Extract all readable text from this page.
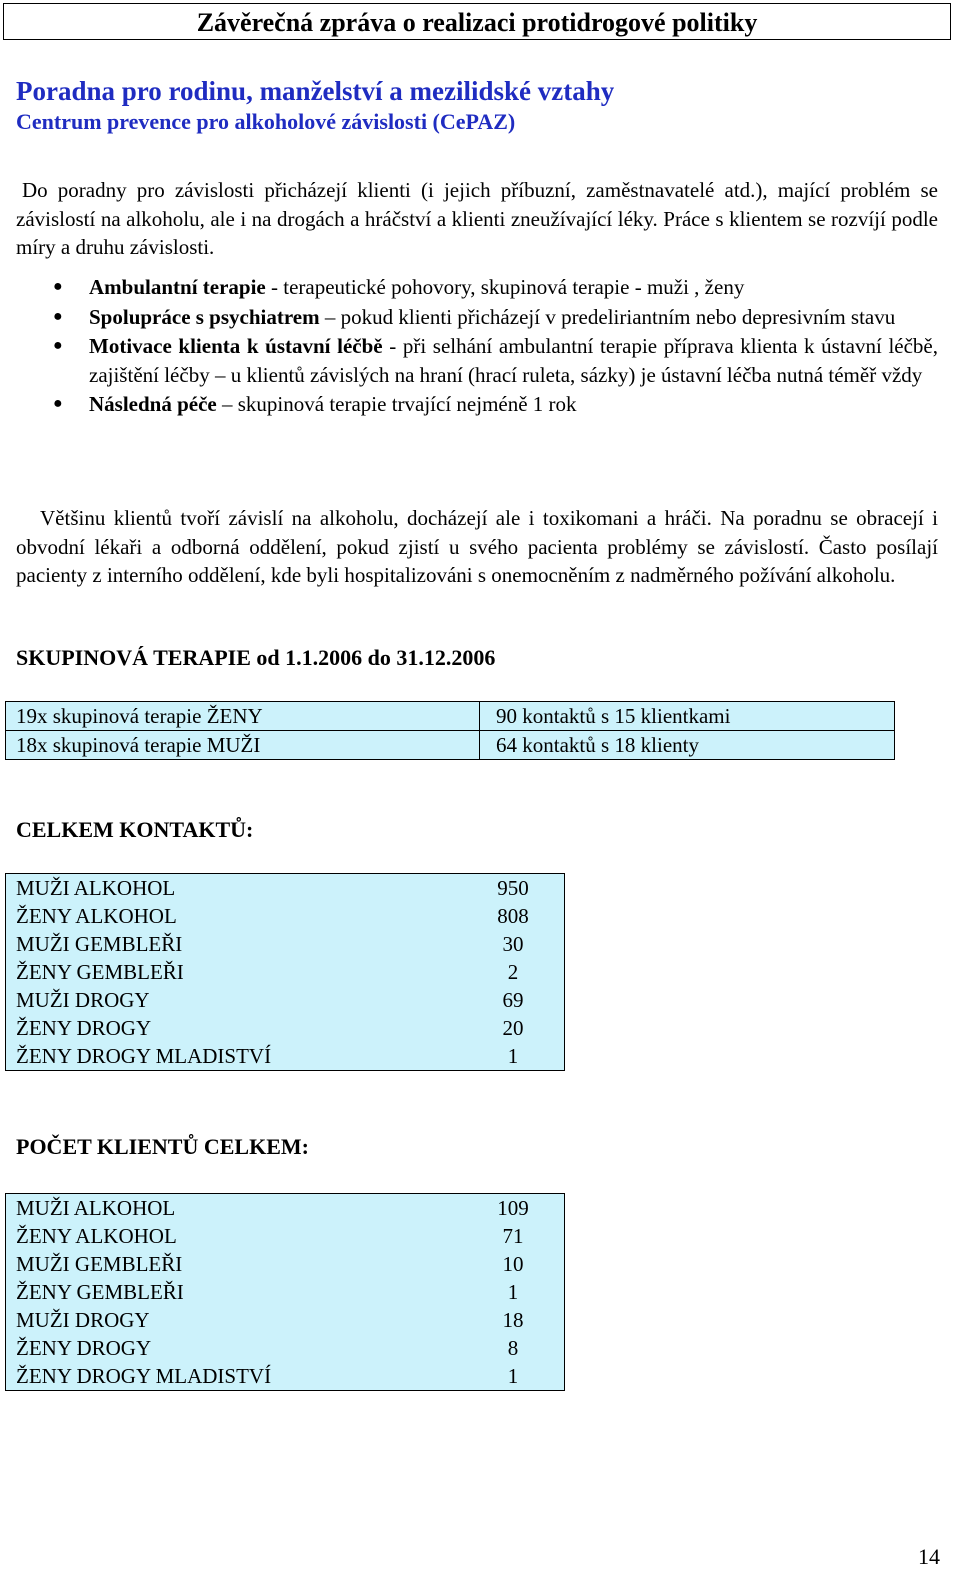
Závěrečná zpráva o realizaci protidrogové politiky
Poradna pro rodinu, manželství a mezilidské vztahy
Centrum prevence pro alkoholové závislosti (CePAZ)
Do poradny pro závislosti přicházejí klienti (i jejich příbuzní, zaměstnavatelé atd.), mající problém se závislostí na alkoholu, ale i na drogách a hráčství a klienti zneužívající léky. Práce s klientem se rozvíjí podle míry a druhu závislosti.
● Ambulantní terapie - terapeutické pohovory, skupinová terapie - muži , ženy
● Spolupráce s psychiatrem – pokud klienti přicházejí v predeliriantním nebo depresivním stavu
● Motivace klienta k ústavní léčbě - při selhání ambulantní terapie příprava klienta k ústavní léčbě, zajištění léčby – u klientů závislých na hraní (hrací ruleta, sázky) je ústavní léčba nutná téměř vždy
● Následná péče – skupinová terapie trvající nejméně 1 rok
Většinu klientů tvoří závislí na alkoholu, docházejí ale i toxikomani a hráči. Na poradnu se obracejí i obvodní lékaři a odborná oddělení, pokud zjistí u svého pacienta problémy se závislostí. Často posílají pacienty z interního oddělení, kde byli hospitalizováni s onemocněním z nadměrného požívání alkoholu.
SKUPINOVÁ TERAPIE od 1.1.2006 do 31.12.2006
19x skupinová terapie ŽENY	90 kontaktů s 15 klientkami
18x skupinová terapie MUŽI	64 kontaktů s 18 klienty
CELKEM KONTAKTŮ:
MUŽI ALKOHOL	950
ŽENY ALKOHOL	808
MUŽI GEMBLEŘI	30
ŽENY GEMBLEŘI	2
MUŽI DROGY	69
ŽENY DROGY	20
ŽENY DROGY MLADISTVÍ	1
POČET KLIENTŮ CELKEM:
MUŽI ALKOHOL	109
ŽENY ALKOHOL	71
MUŽI GEMBLEŘI	10
ŽENY GEMBLEŘI	1
MUŽI DROGY	18
ŽENY DROGY	8
ŽENY DROGY MLADISTVÍ	1
14
